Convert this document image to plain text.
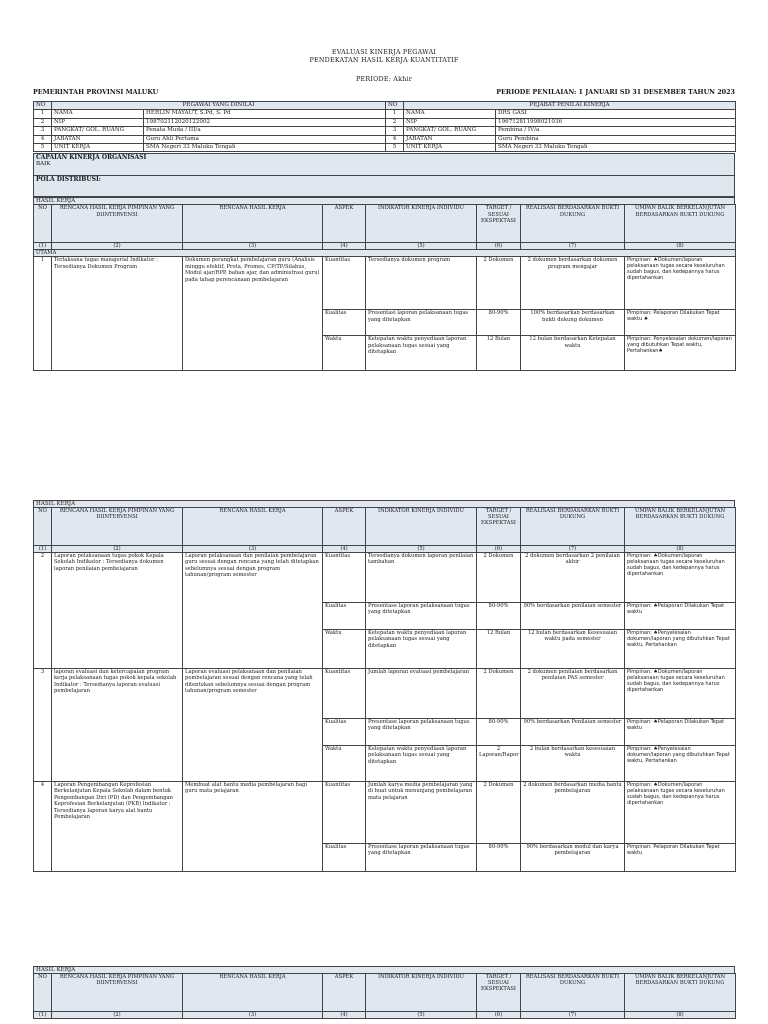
EVALUASI KINERJA PEGAWAI
PENDEKATAN HASIL KERJA KUANTITATIF
PERIODE: Akhir
PEMERINTAH PROVINSI MALUKU	PERIODE PENILAIAN: 1 JANUARI SD 31 DESEMBER TAHUN 2023
NO	PEGAWAI YANG DINILAI		NO	PEJABAT PENILAI KINERJA	
1	NAMA	HERLIN MAYAUT, S.Pd, S. Pd	1	NAMA	DRS GASI
2	NIP	198702112020122002	2	NIP	196712811998021036
3	PANGKAT/ GOL. RUANG	Penata Muda / III/a	3	PANGKAT/ GOL. RUANG	Pembina / IV/a
4	JABATAN	Guru Ahli Pertama	4	JABATAN	Guru Pembina
5	UNIT KERJA	SMA Negeri 33 Maluku Tengah	5	UNIT KERJA	SMA Negeri 33 Maluku Tengah
CAPAIAN KINERJA ORGANISASI
BAIK
POLA DISTRIBUSI:
HASIL KERJA
NO	RENCANA HASIL KERJA PIMPINAN YANG DIINTERVENSI	RENCANA HASIL KERJA	ASPEK	INDIKATOR KINERJA INDIVIDU	TARGET / SESUAI EKSPEKTASI	REALISASI BERDASARKAN BUKTI DUKUNG	UMPAN BALIK BERKELANJUTAN BERDASARKAN BUKTI DUKUNG
(1)	(2)	(3)	(4)	(5)	(6)	(7)	(8)
UTAMA							
1	Terlaksana tugas manajerial Indikator : Tersedianya Dokumen Program	Dokumen perangkat pembelajaran guru (Analisis minggu efektif, Prota, Promes, CP/TP/Silabus, Modul ajar/RPP, bahan ajar, dan administrasi guru) pada tahap perencanaan pembelajaran	Kuantitas	Tersedianya dokumen program	2 Dokumen	2 dokumen berdasarkan dokumen program mengajar	Pimpinan: ♠Dokumen/laporan pelaksanaan tugas secara keseluruhan sudah bagus, dan kedepannya harus dipertahankan
			Kualitas	Presentasi laporan pelaksanaan tugas yang ditetapkan	80-90%	100% berdasarkan berdasarkan bukti dukung dokumen	Pimpinan: Pelaporan Dilakukan Tepat waktu ♠
			Waktu	Ketepatan waktu penyediaan laporan pelaksanaan tugas sesuai yang ditetapkan	12 Bulan	12 bulan berdasarkan Ketepatan waktu	Pimpinan: Penyelesaian dokumen/laporan yang dibutuhkan Tepat waktu, Pertahankan♠
HASIL KERJA
NO	RENCANA HASIL KERJA PIMPINAN YANG DIINTERVENSI	RENCANA HASIL KERJA	ASPEK	INDIKATOR KINERJA INDIVIDU	TARGET / SESUAI EKSPEKTASI	REALISASI BERDASARKAN BUKTI DUKUNG	UMPAN BALIK BERKELANJUTAN BERDASARKAN BUKTI DUKUNG
(1)	(2)	(3)	(4)	(5)	(6)	(7)	(8)
2	Laporan pelaksanaan tugas pokok Kepala Sekolah Indikator : Tersedianya dokumen laporan penilaian pembelajaran	Laporan pelaksanaan dan penilaian pembelajaran guru sesuai dengan rencana yang telah ditetapkan sebelumnya sesuai dengan program tahunan/program semester	Kuantitas	Tersedianya dokumen laporan penilaian tambahan	2 Dokumen	2 dokumen berdasarkan 2 penilaian akhir	Pimpinan: ♠Dokumen/laporan pelaksanaan tugas secara keseluruhan sudah bagus, dan kedepannya harus dipertahankan
			Kualitas	Presentase laporan pelaksanaan tugas yang ditetapkan	80-90%	90% berdasarkan penilaian semester	Pimpinan: ♠Pelaporan Dilakukan Tepat waktu
			Waktu	Ketepatan waktu penyediaan laporan pelaksanaan tugas sesuai yang ditetapkan	12 Bulan	12 bulan berdasarkan Kesesuaian waktu pada semester	Pimpinan: ♠Penyelesaian dokumen/laporan yang dibutuhkan Tepat waktu, Pertahankan
3	laporan evaluasi dan ketercapaian program kerja pelaksanaan tugas pokok kepala sekolah Indikator : Tersedianya laporan evaluasi pembelajaran	Laporan evaluasi pelaksanaan dan penilaian pembelajaran sesuai dengan rencana yang telah ditentukan sebelumnya sesuai dengan program tahunan/program semester	Kuantitas	Jumlah laporan evaluasi pembelajaran	2 Dokumen	2 dokumen penilaian berdasarkan penilaian PAS semester	Pimpinan: ♠Dokumen/laporan pelaksanaan tugas secara keseluruhan sudah bagus, dan kedepannya harus dipertahankan
			Kualitas	Presentase laporan pelaksanaan tugas yang ditetapkan	80-90%	90% berdasarkan Penilaian semester	Pimpinan: ♠Pelaporan Dilakukan Tepat waktu
			Waktu	Ketepatan waktu penyediaan laporan pelaksanaan tugas sesuai yang ditetapkan	2 Laporan/Rapor	2 bulan berdasarkan kesesuaian waktu	Pimpinan: ♠Penyelesaian dokumen/laporan yang dibutuhkan Tepat waktu, Pertahankan
4	Laporan Pengembangan Keprofesian Berkelanjutan Kepala Sekolah dalam bentuk Pengembangan Diri (PD) dan Pengembangan Keprofesian Berkelanjutan (PKB) Indikator : Tersedianya laporan karya alat bantu Pembelajaran	Membuat alat bantu media pembelajaran bagi guru mata pelajaran	Kuantitas	Jumlah karya media pembelajaran yang di buat untuk menunjang pembelajaran mata pelajaran	2 Dokumen	2 dokumen berdasarkan media bantu pembelajaran	Pimpinan: ♠Dokumen/laporan pelaksanaan tugas secara keseluruhan sudah bagus, dan kedepannya harus dipertahankan
			Kualitas	Presentase laporan pelaksanaan tugas yang ditetapkan	80-90%	90% berdasarkan modul dan karya pembelajaran	Pimpinan: Pelaporan Dilakukan Tepat waktu
HASIL KERJA
NO	RENCANA HASIL KERJA PIMPINAN YANG DIINTERVENSI	RENCANA HASIL KERJA	ASPEK	INDIKATOR KINERJA INDIVIDU	TARGET / SESUAI EKSPEKTASI	REALISASI BERDASARKAN BUKTI DUKUNG	UMPAN BALIK BERKELANJUTAN BERDASARKAN BUKTI DUKUNG
(1)	(2)	(3)	(4)	(5)	(6)	(7)	(8)
